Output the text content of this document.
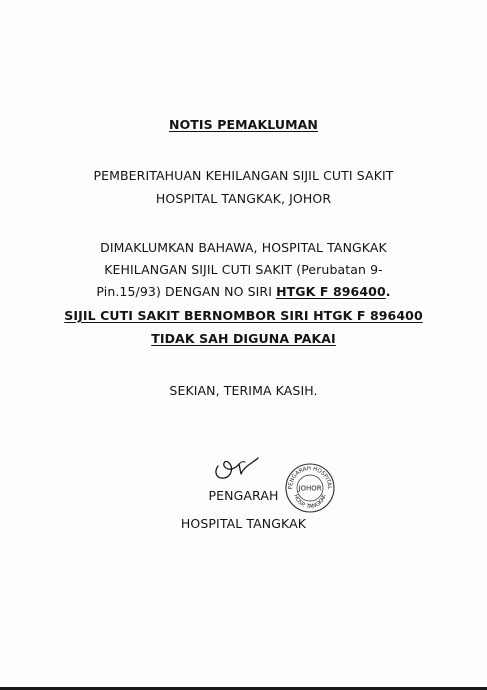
NOTIS PEMAKLUMAN
PEMBERITAHUAN KEHILANGAN SIJIL CUTI SAKIT
HOSPITAL TANGKAK, JOHOR
DIMAKLUMKAN BAHAWA, HOSPITAL TANGKAK
KEHILANGAN SIJIL CUTI SAKIT (Perubatan 9-
Pin.15/93) DENGAN NO SIRI HTGK F 896400.
SIJIL CUTI SAKIT BERNOMBOR SIRI HTGK F 896400
TIDAK SAH DIGUNA PAKAI
SEKIAN, TERIMA KASIH.
PENGARAH HOSPITAL
HOSP. TANGKAK
JOHOR
PENGARAH
HOSPITAL TANGKAK
